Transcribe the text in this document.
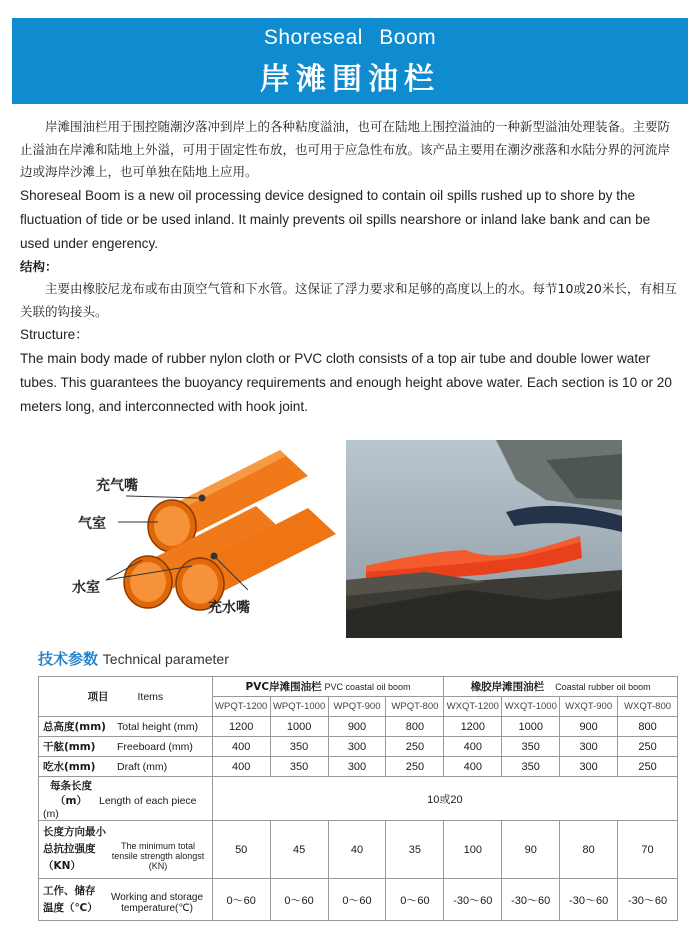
Shoreseal Boom
岸滩围油栏

岸滩围油栏用于围控随潮汐落冲到岸上的各种粘度溢油，也可在陆地上围控溢油的一种新型溢油处理装备。主要防止溢油在岸滩和陆地上外溢，可用于固定性布放，也可用于应急性布放。该产品主要用在潮汐涨落和水陆分界的河流岸边或海岸沙滩上，也可单独在陆地上应用。

Shoreseal Boom is a new oil processing device designed to contain oil spills rushed up to shore by the fluctuation of tide or be used inland. It mainly prevents oil spills nearshore or inland lake bank and can be used under engerency.

结构：

主要由橡胶尼龙布或布由顶空气管和下水管。这保证了浮力要求和足够的高度以上的水。每节10或20米长，有相互关联的钩接头。

Structure：

The main body made of rubber nylon cloth or PVC cloth consists of a top air tube and double lower water tubes. This guarantees the buoyancy requirements and enough height above water. Each section is 10 or 20 meters long, and interconnected with hook joint.

充气嘴
气室
水室
充水嘴
技术参数 Technical parameter
项目 Items	PVC岸滩围油栏 PVC coastal oil boom				橡胶岸滩围油栏 Coastal rubber oil boom			
	WPQT-1200	WPQT-1000	WPQT-900	WPQT-800	WXQT-1200	WXQT-1000	WXQT-900	WXQT-800
总高度(mm) Total height (mm)	1200	1000	900	800	1200	1000	900	800
干舷(mm) Freeboard (mm)	400	350	300	250	400	350	300	250
吃水(mm) Draft (mm)	400	350	300	250	400	350	300	250
每条长度（m） Length of each piece (m)	10或20							
长度方向最小总抗拉强度（KN）The minimum total tensile strength alongst (KN)	50	45	40	35	100	90	80	70
工作、储存温度（℃）Working and storage temperature(℃)	0～60	0～60	0～60	0～60	-30～60	-30～60	-30～60	-30～60
